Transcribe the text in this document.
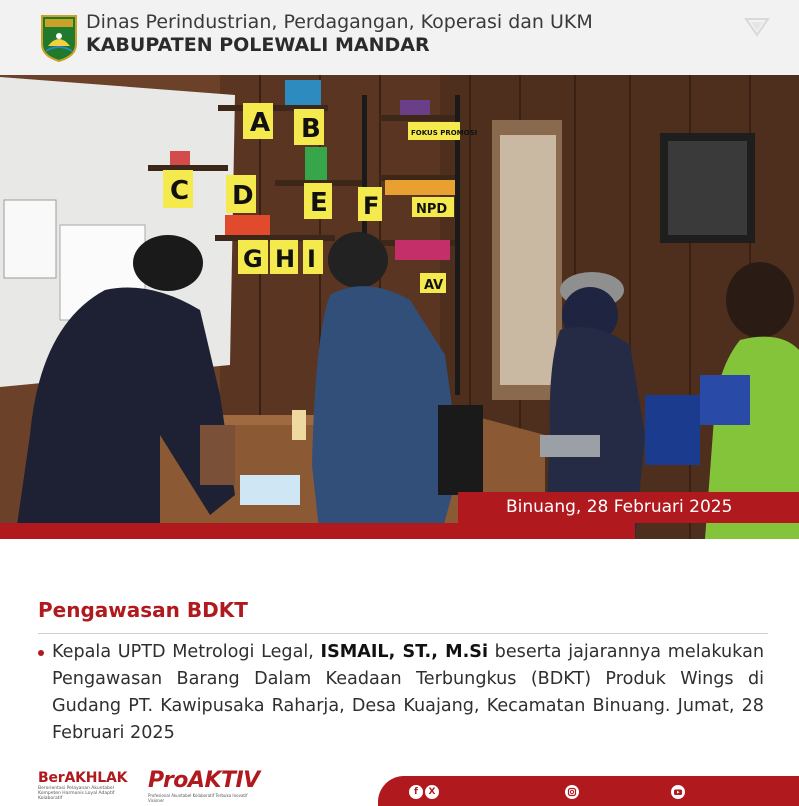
Dinas Perindustrian, Perdagangan, Koperasi dan UKM
KABUPATEN POLEWALI MANDAR
A B
C D E F
G H I
NPD
AV
FOKUS PROMOSI
Binuang, 28 Februari 2025
Pengawasan BDKT
Kepala UPTD Metrologi Legal, ISMAIL, ST., M.Si beserta jajarannya melakukan Pengawasan Barang Dalam Keadaan Terbungkus (BDKT) Produk Wings di Gudang PT. Kawipusaka Raharja, Desa Kuajang, Kecamatan Binuang. Jumat, 28 Februari 2025
BerAKHLAK
Berorientasi Pelayanan Akuntabel Kompeten Harmonis Loyal Adaptif Kolaboratif
ProAKTIV
Profesional Akuntabel Kolaboratif Terbuka Inovatif Visioner
f	X
